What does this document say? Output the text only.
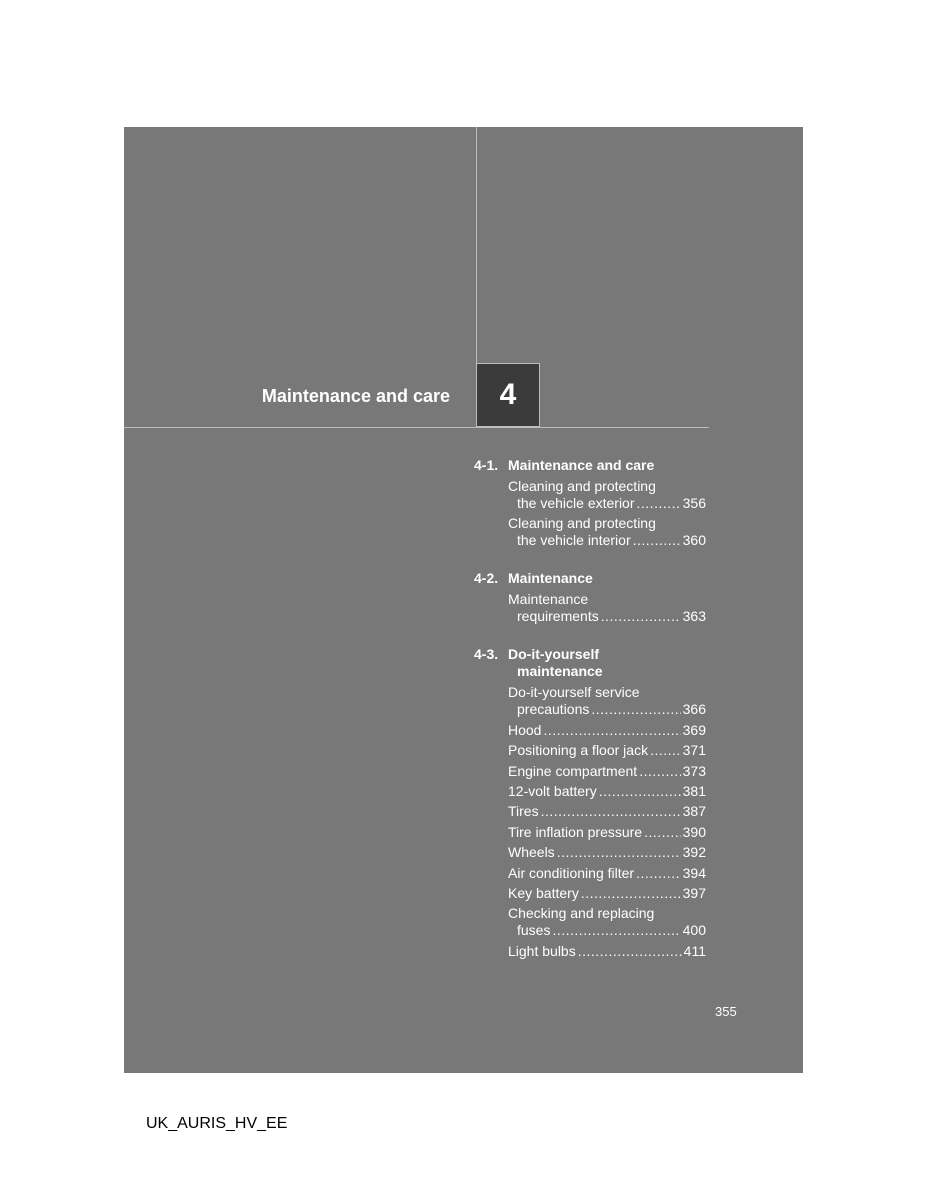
Maintenance and care	4
4-1. Maintenance and care
Cleaning and protecting
the vehicle exterior .....	356
Cleaning and protecting
the vehicle interior .....	360
4-2. Maintenance
Maintenance
requirements .....	363
4-3. Do-it-yourself
maintenance
Do-it-yourself service
precautions .....	366
Hood .....	369
Positioning a floor jack ..... 371
Engine compartment .....	373
12-volt battery .....	381
Tires .....	387
Tire inflation pressure .....	390
Wheels .....	392
Air conditioning filter .....	394
Key battery .....	397
Checking and replacing
fuses .....	400
Light bulbs .....	411
355
UK_AURIS_HV_EE
